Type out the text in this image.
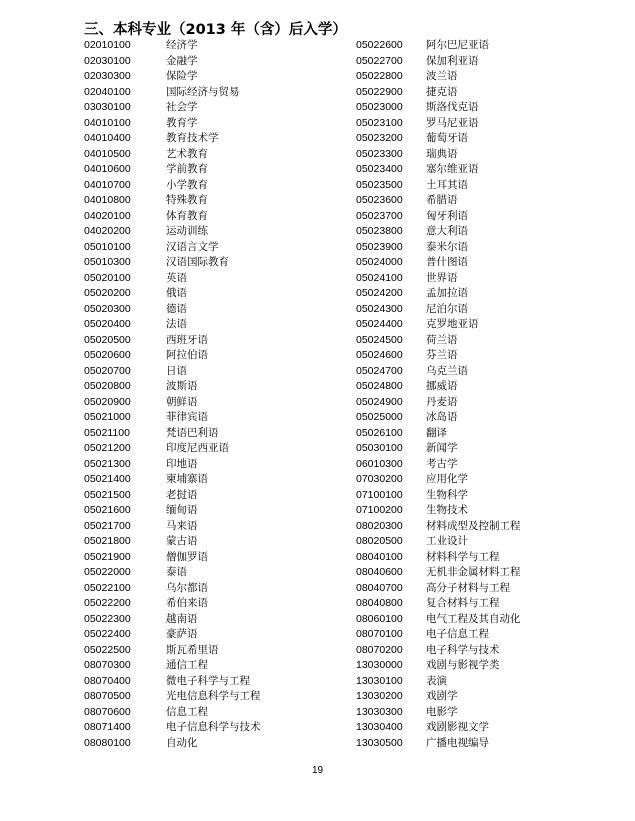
三、本科专业（2013 年（含）后入学）
02010100	经济学
02030100	金融学
02030300	保险学
02040100	国际经济与贸易
03030100	社会学
04010100	教育学
04010400	教育技术学
04010500	艺术教育
04010600	学前教育
04010700	小学教育
04010800	特殊教育
04020100	体育教育
04020200	运动训练
05010100	汉语言文学
05010300	汉语国际教育
05020100	英语
05020200	俄语
05020300	德语
05020400	法语
05020500	西班牙语
05020600	阿拉伯语
05020700	日语
05020800	波斯语
05020900	朝鲜语
05021000	菲律宾语
05021100	梵语巴利语
05021200	印度尼西亚语
05021300	印地语
05021400	柬埔寨语
05021500	老挝语
05021600	缅甸语
05021700	马来语
05021800	蒙古语
05021900	僧伽罗语
05022000	泰语
05022100	乌尔都语
05022200	希伯来语
05022300	越南语
05022400	豪萨语
05022500	斯瓦希里语
08070300	通信工程
08070400	微电子科学与工程
08070500	光电信息科学与工程
08070600	信息工程
08071400	电子信息科学与技术
08080100	自动化
05022600 阿尔巴尼亚语
05022700 保加利亚语
05022800 波兰语
05022900 捷克语
05023000 斯洛伐克语
05023100 罗马尼亚语
05023200 葡萄牙语
05023300 瑞典语
05023400 塞尔维亚语
05023500 土耳其语
05023600 希腊语
05023700 匈牙利语
05023800 意大利语
05023900 泰米尔语
05024000 普什图语
05024100 世界语
05024200 孟加拉语
05024300 尼泊尔语
05024400 克罗地亚语
05024500 荷兰语
05024600 芬兰语
05024700 乌克兰语
05024800 挪威语
05024900 丹麦语
05025000 冰岛语
05026100 翻译
05030100 新闻学
06010300 考古学
07030200 应用化学
07100100 生物科学
07100200 生物技术
08020300 材料成型及控制工程
08020500 工业设计
08040100 材料科学与工程
08040600 无机非金属材料工程
08040700 高分子材料与工程
08040800 复合材料与工程
08060100 电气工程及其自动化
08070100 电子信息工程
08070200 电子科学与技术
13030000 戏剧与影视学类
13030100 表演
13030200 戏剧学
13030300 电影学
13030400 戏剧影视文学
13030500 广播电视编导
19
